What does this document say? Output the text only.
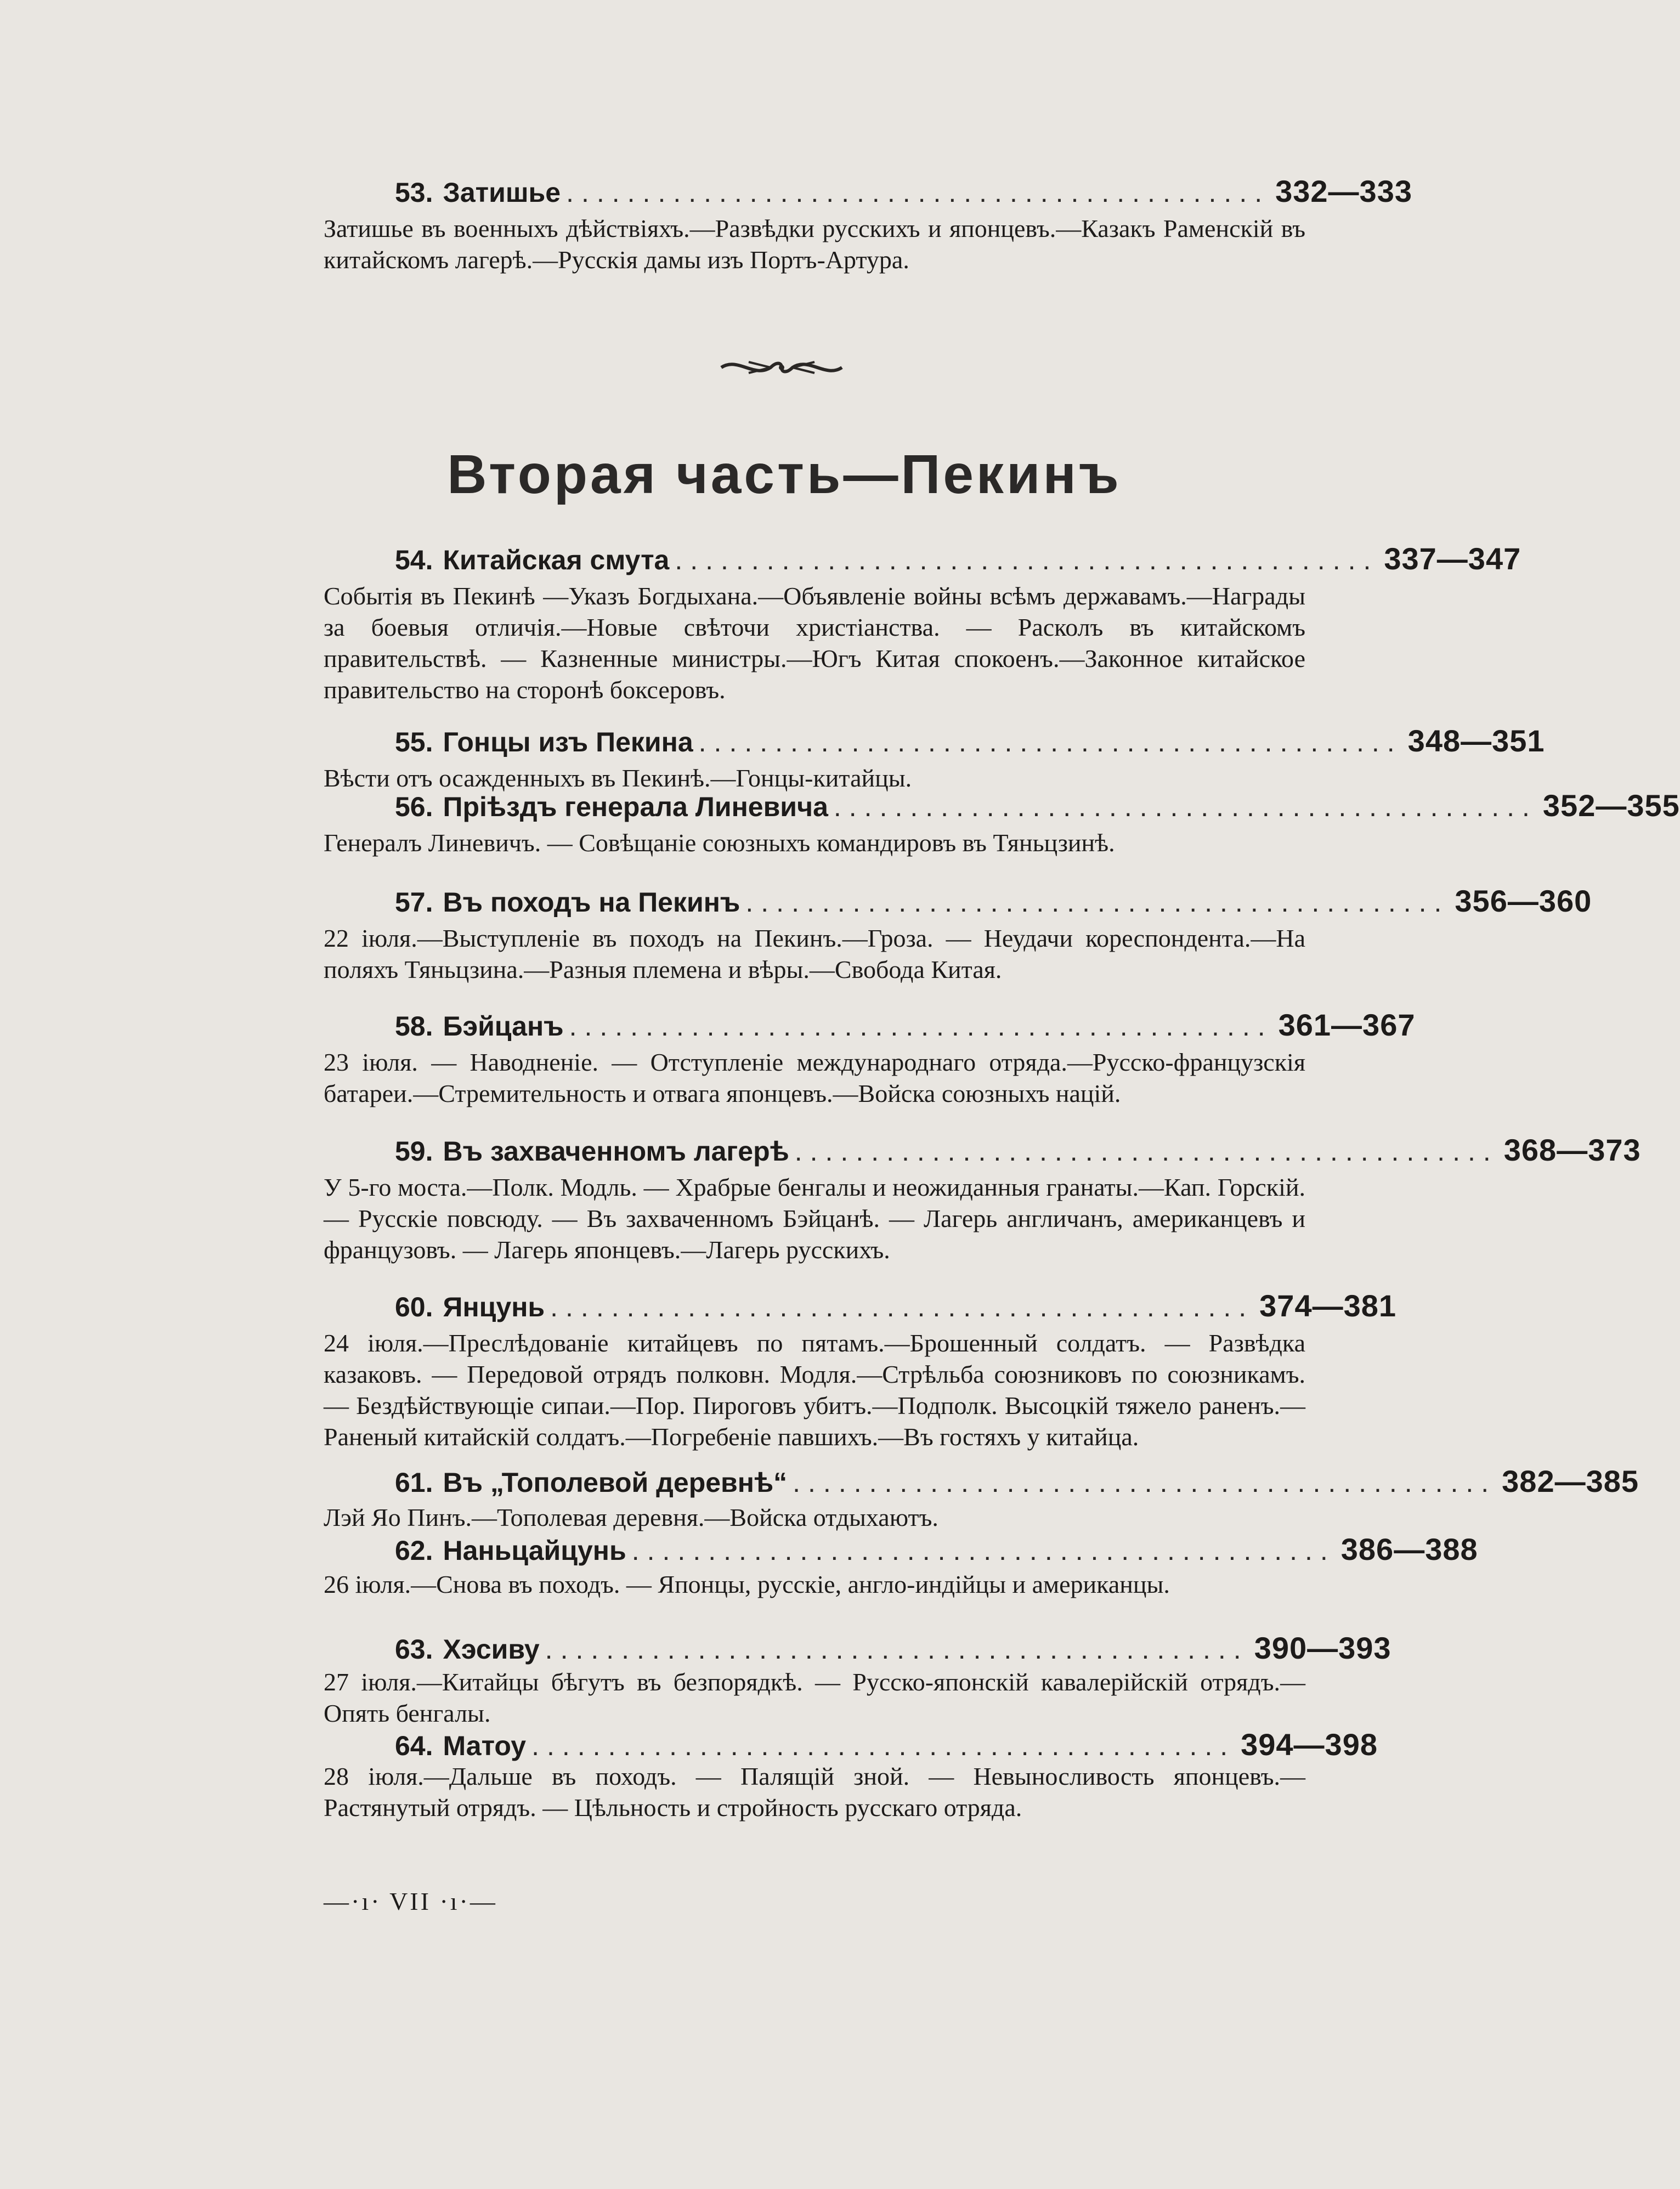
53. Затишье .............................................. 332—333
Затишье въ военныхъ дѣйствiяхъ.—Развѣдки русскихъ и японцевъ.—Казакъ Раменскiй въ китайскомъ лагерѣ.—Русскiя дамы изъ Портъ-Артура.
Вторая часть—Пекинъ
54. Китайская смута .............................................. 337—347
Событiя въ Пекинѣ —Указъ Богдыхана.—Объявленiе войны всѣмъ державамъ.—Награды за боевыя отличiя.—Новые свѣточи христiанства. — Расколъ въ китайскомъ правительствѣ. — Казненные министры.—Югъ Китая спокоенъ.—Законное китайское правительство на сторонѣ боксеровъ.
55. Гонцы изъ Пекина .............................................. 348—351
Вѣсти отъ осажденныхъ въ Пекинѣ.—Гонцы-китайцы.
56. Прiѣздъ генерала Линевича .............................................. 352—355
Генералъ Линевичъ. — Совѣщанiе союзныхъ командировъ въ Тяньцзинѣ.
57. Въ походъ на Пекинъ .............................................. 356—360
22 iюля.—Выступленiе въ походъ на Пекинъ.—Гроза. — Неудачи кореспондента.—На поляхъ Тяньцзина.—Разныя племена и вѣры.—Свобода Китая.
58. Бэйцанъ .............................................. 361—367
23 iюля. — Наводненiе. — Отступленiе международнаго отряда.—Русско-французскiя батареи.—Стремительность и отвага японцевъ.—Войска союзныхъ нацiй.
59. Въ захваченномъ лагерѣ .............................................. 368—373
У 5-го моста.—Полк. Модль. — Храбрые бенгалы и неожиданныя гранаты.—Кап. Горскiй. — Русскiе повсюду. — Въ захваченномъ Бэйцанѣ. — Лагерь англичанъ, американцевъ и французовъ. — Лагерь японцевъ.—Лагерь русскихъ.
60. Янцунь .............................................. 374—381
24 iюля.—Преслѣдованiе китайцевъ по пятамъ.—Брошенный солдатъ. — Развѣдка казаковъ. — Передовой отрядъ полковн. Модля.—Стрѣльба союзниковъ по союзникамъ. — Бездѣйствующiе сипаи.—Пор. Пироговъ убитъ.—Подполк. Высоцкiй тяжело раненъ.—Раненый китайскiй солдатъ.—Погребенiе павшихъ.—Въ гостяхъ у китайца.
61. Въ „Тополевой деревнѣ“ .............................................. 382—385
Лэй Яо Пинъ.—Тополевая деревня.—Войска отдыхаютъ.
62. Наньцайцунь .............................................. 386—388
26 iюля.—Снова въ походъ. — Японцы, русскiе, англо-индiйцы и американцы.
63. Хэсиву .............................................. 390—393
27 iюля.—Китайцы бѣгутъ въ безпорядкѣ. — Русско-японскiй кавалерiйскiй отрядъ.—Опять бенгалы.
64. Матоу .............................................. 394—398
28 iюля.—Дальше въ походъ. — Палящiй зной. — Невыносливость японцевъ.—Растянутый отрядъ. — Цѣльность и стройность русскаго отряда.
—·ı· VII ·ı·—
